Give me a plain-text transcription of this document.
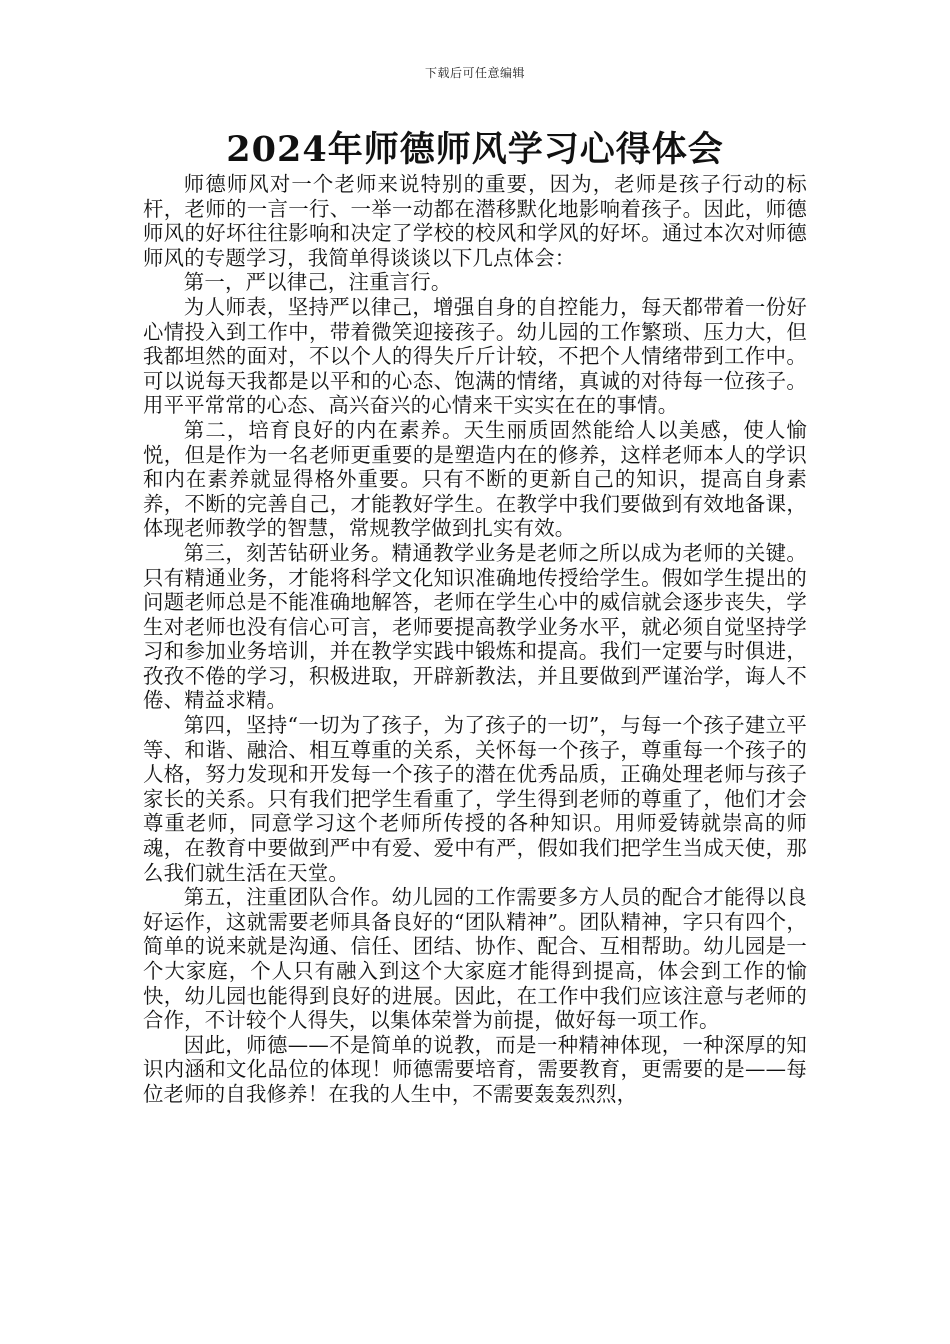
下载后可任意编辑
2024年师德师风学习心得体会

师德师风对一个老师来说特别的重要，因为，老师是孩子行动的标杆，老师的一言一行、一举一动都在潜移默化地影响着孩子。因此，师德师风的好坏往往影响和决定了学校的校风和学风的好坏。通过本次对师德师风的专题学习，我简单得谈谈以下几点体会：

第一，严以律己，注重言行。

为人师表，坚持严以律己，增强自身的自控能力，每天都带着一份好心情投入到工作中，带着微笑迎接孩子。幼儿园的工作繁琐、压力大，但我都坦然的面对，不以个人的得失斤斤计较，不把个人情绪带到工作中。可以说每天我都是以平和的心态、饱满的情绪，真诚的对待每一位孩子。用平平常常的心态、高兴奋兴的心情来干实实在在的事情。

第二，培育良好的内在素养。天生丽质固然能给人以美感，使人愉悦，但是作为一名老师更重要的是塑造内在的修养，这样老师本人的学识和内在素养就显得格外重要。只有不断的更新自己的知识，提高自身素养，不断的完善自己，才能教好学生。在教学中我们要做到有效地备课，体现老师教学的智慧，常规教学做到扎实有效。

第三，刻苦钻研业务。精通教学业务是老师之所以成为老师的关键。只有精通业务，才能将科学文化知识准确地传授给学生。假如学生提出的问题老师总是不能准确地解答，老师在学生心中的威信就会逐步丧失，学生对老师也没有信心可言，老师要提高教学业务水平，就必须自觉坚持学习和参加业务培训，并在教学实践中锻炼和提高。我们一定要与时俱进，孜孜不倦的学习，积极进取，开辟新教法，并且要做到严谨治学，诲人不倦、精益求精。

第四，坚持“一切为了孩子，为了孩子的一切”，与每一个孩子建立平等、和谐、融洽、相互尊重的关系，关怀每一个孩子，尊重每一个孩子的人格，努力发现和开发每一个孩子的潜在优秀品质，正确处理老师与孩子家长的关系。只有我们把学生看重了，学生得到老师的尊重了，他们才会尊重老师，同意学习这个老师所传授的各种知识。用师爱铸就崇高的师魂，在教育中要做到严中有爱、爱中有严，假如我们把学生当成天使，那么我们就生活在天堂。

第五，注重团队合作。幼儿园的工作需要多方人员的配合才能得以良好运作，这就需要老师具备良好的“团队精神”。团队精神，字只有四个，简单的说来就是沟通、信任、团结、协作、配合、互相帮助。幼儿园是一个大家庭，个人只有融入到这个大家庭才能得到提高，体会到工作的愉快，幼儿园也能得到良好的进展。因此，在工作中我们应该注意与老师的合作，不计较个人得失，以集体荣誉为前提，做好每一项工作。

因此，师德——不是简单的说教，而是一种精神体现，一种深厚的知识内涵和文化品位的体现！师德需要培育，需要教育，更需要的是——每位老师的自我修养！在我的人生中，不需要轰轰烈烈，
